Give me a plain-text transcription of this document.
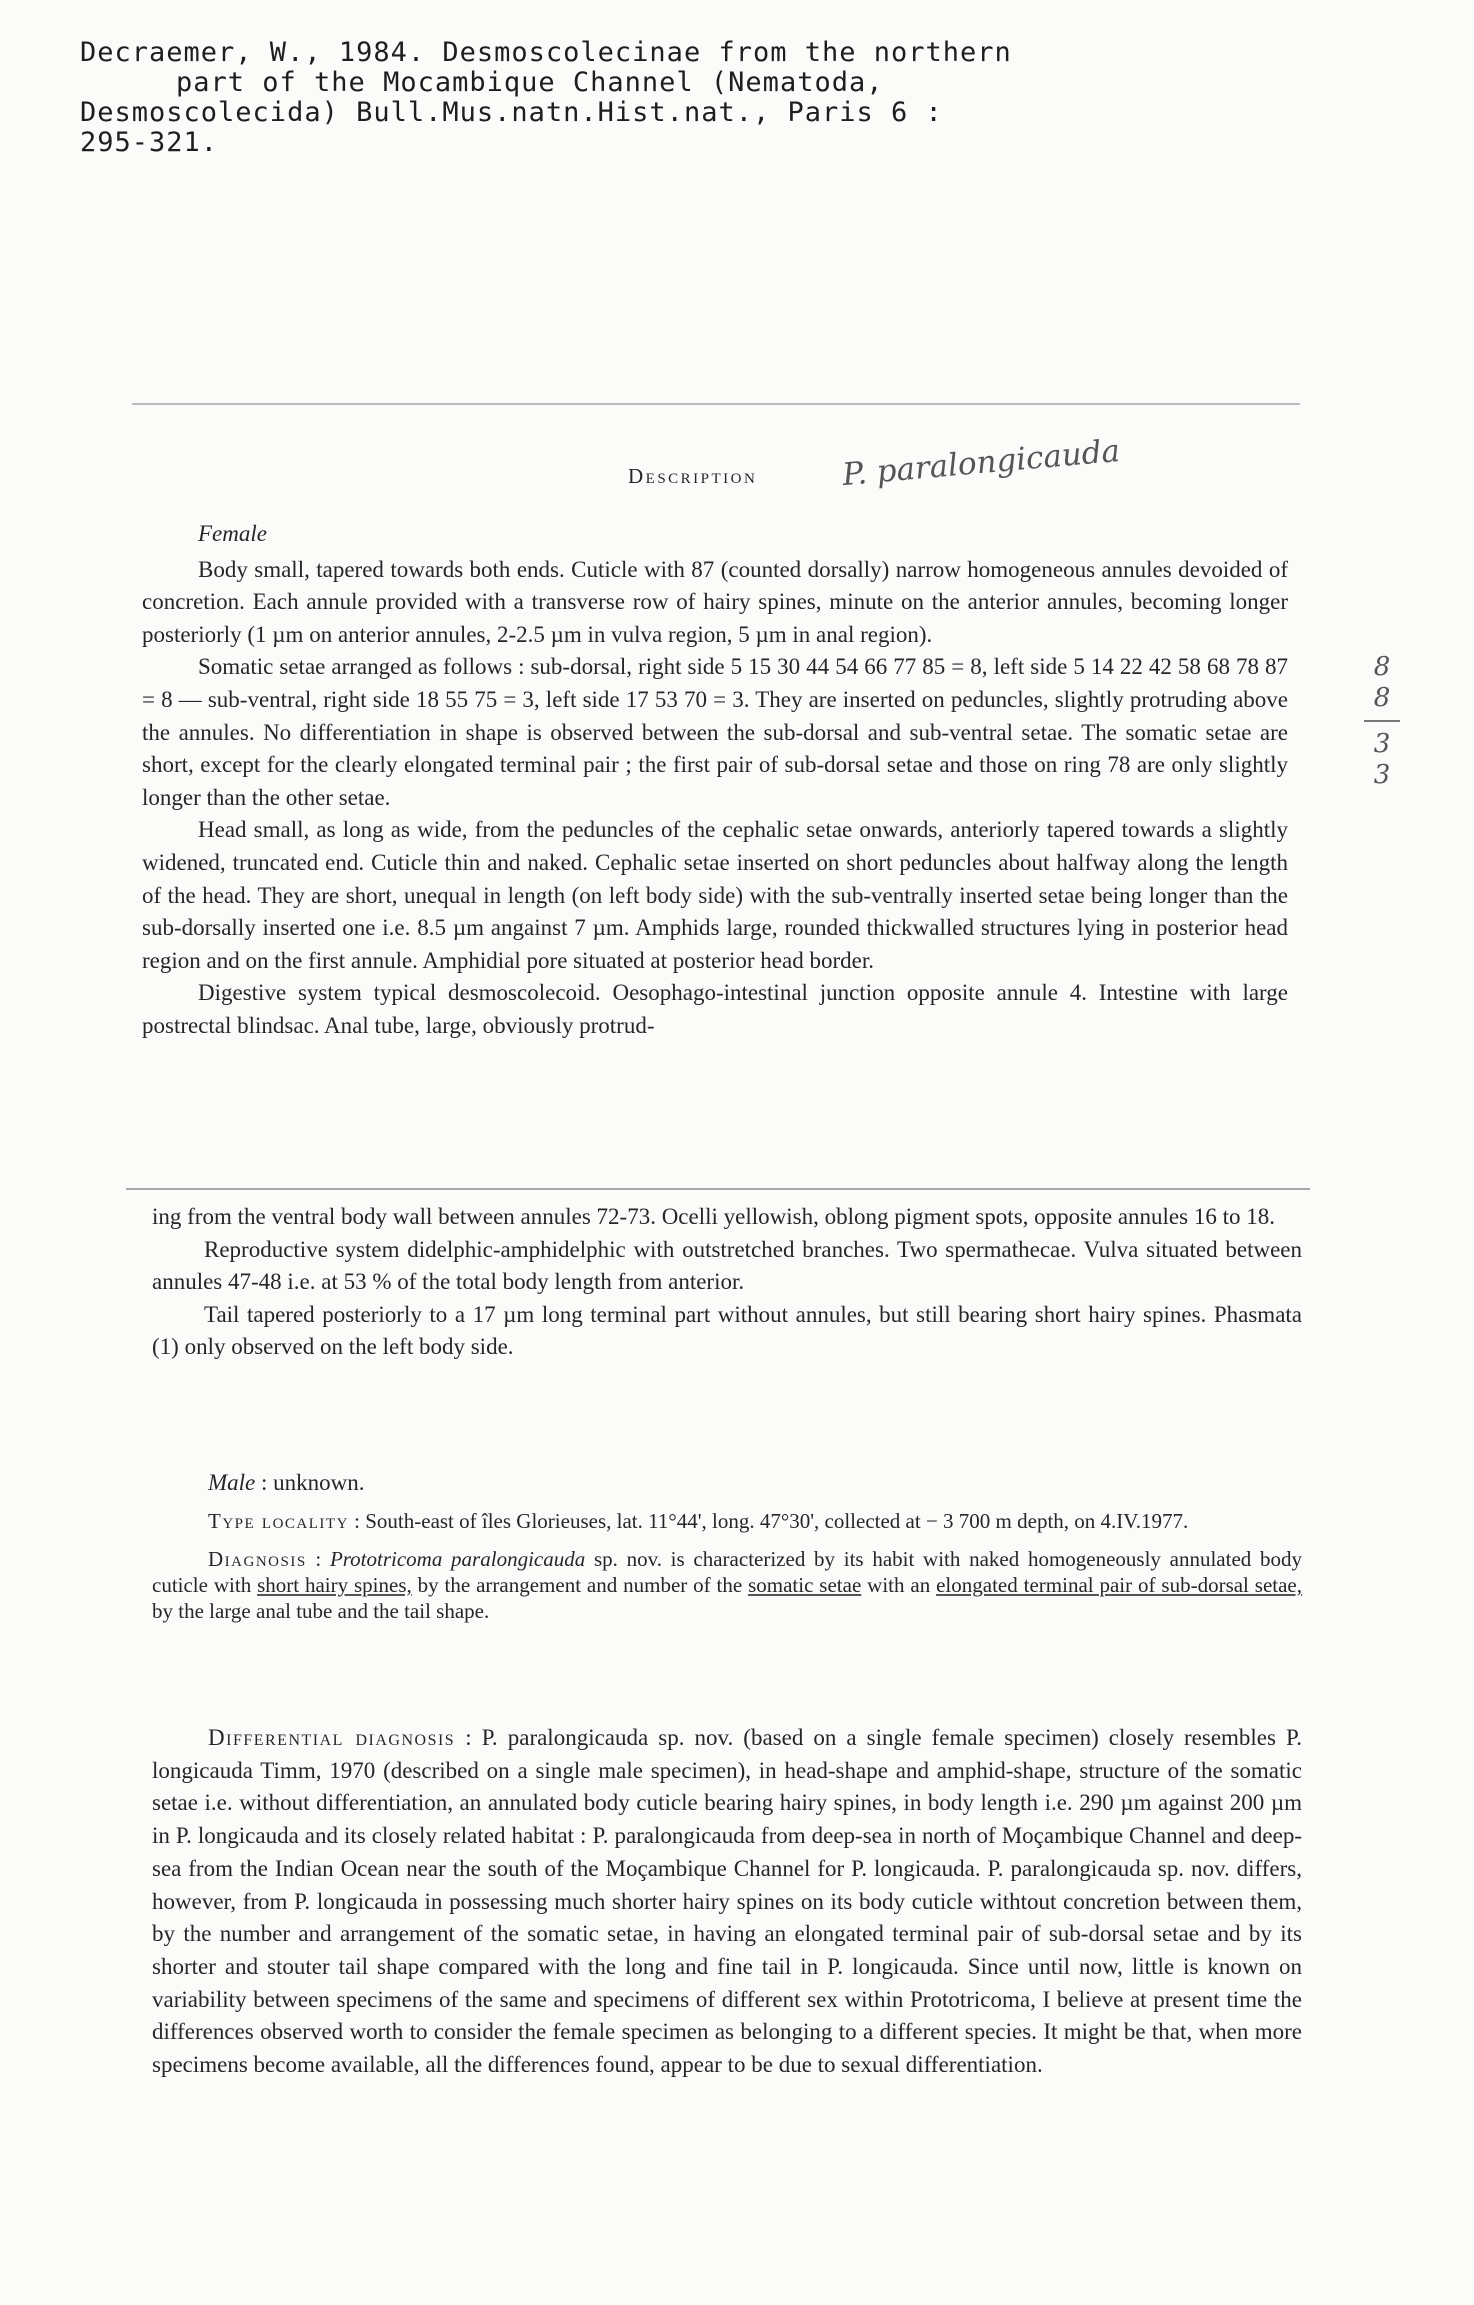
Decraemer, W., 1984. Desmoscolecinae from the northern
part of the Mocambique Channel (Nematoda,
Desmoscolecida) Bull.Mus.natn.Hist.nat., Paris 6 :
295-321.
Description	P. paralongicauda
8
8
3
3

Female

Body small, tapered towards both ends. Cuticle with 87 (counted dorsally) narrow homogeneous annules devoided of concretion. Each annule provided with a transverse row of hairy spines, minute on the anterior annules, becoming longer posteriorly (1 µm on anterior annules, 2-2.5 µm in vulva region, 5 µm in anal region).

Somatic setae arranged as follows : sub-dorsal, right side 5 15 30 44 54 66 77 85 = 8, left side 5 14 22 42 58 68 78 87 = 8 — sub-ventral, right side 18 55 75 = 3, left side 17 53 70 = 3. They are inserted on peduncles, slightly protruding above the annules. No differentiation in shape is observed between the sub-dorsal and sub-ventral setae. The somatic setae are short, except for the clearly elongated terminal pair ; the first pair of sub-dorsal setae and those on ring 78 are only slightly longer than the other setae.

Head small, as long as wide, from the peduncles of the cephalic setae onwards, anteriorly tapered towards a slightly widened, truncated end. Cuticle thin and naked. Cephalic setae inserted on short peduncles about halfway along the length of the head. They are short, unequal in length (on left body side) with the sub-ventrally inserted setae being longer than the sub-dorsally inserted one i.e. 8.5 µm angainst 7 µm. Amphids large, rounded thickwalled structures lying in posterior head region and on the first annule. Amphidial pore situated at posterior head border.

Digestive system typical desmoscolecoid. Oesophago-intestinal junction opposite annule 4. Intestine with large postrectal blindsac. Anal tube, large, obviously protrud-

ing from the ventral body wall between annules 72-73. Ocelli yellowish, oblong pigment spots, opposite annules 16 to 18.

Reproductive system didelphic-amphidelphic with outstretched branches. Two spermathecae. Vulva situated between annules 47-48 i.e. at 53 % of the total body length from anterior.

Tail tapered posteriorly to a 17 µm long terminal part without annules, but still bearing short hairy spines. Phasmata (1) only observed on the left body side.

Male : unknown.

Type locality : South-east of îles Glorieuses, lat. 11°44', long. 47°30', collected at − 3 700 m depth, on 4.IV.1977.

Diagnosis : Prototricoma paralongicauda sp. nov. is characterized by its habit with naked homogeneously annulated body cuticle with short hairy spines, by the arrangement and number of the somatic setae with an elongated terminal pair of sub-dorsal setae, by the large anal tube and the tail shape.

Differential diagnosis : P. paralongicauda sp. nov. (based on a single female specimen) closely resembles P. longicauda Timm, 1970 (described on a single male specimen), in head-shape and amphid-shape, structure of the somatic setae i.e. without differentiation, an annulated body cuticle bearing hairy spines, in body length i.e. 290 µm against 200 µm in P. longicauda and its closely related habitat : P. paralongicauda from deep-sea in north of Moçambique Channel and deep-sea from the Indian Ocean near the south of the Moçambique Channel for P. longicauda. P. paralongicauda sp. nov. differs, however, from P. longicauda in possessing much shorter hairy spines on its body cuticle withtout concretion between them, by the number and arrangement of the somatic setae, in having an elongated terminal pair of sub-dorsal setae and by its shorter and stouter tail shape compared with the long and fine tail in P. longicauda. Since until now, little is known on variability between specimens of the same and specimens of different sex within Prototricoma, I believe at present time the differences observed worth to consider the female specimen as belonging to a different species. It might be that, when more specimens become available, all the differences found, appear to be due to sexual differentiation.
